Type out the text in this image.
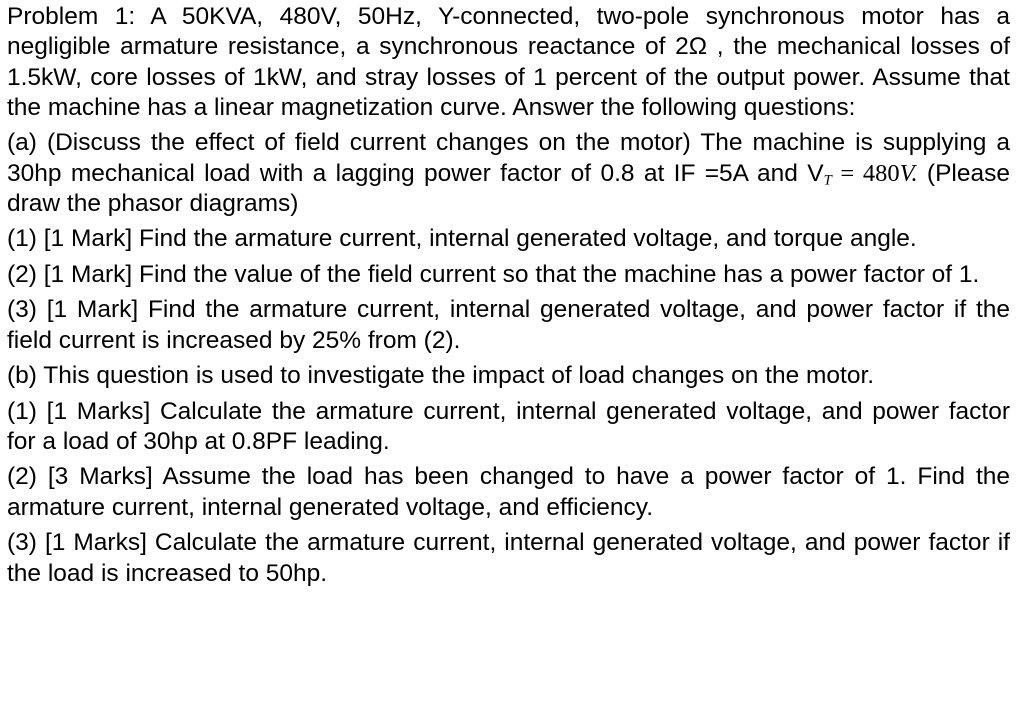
Problem 1: A 50KVA, 480V, 50Hz, Y-connected, two-pole synchronous motor has a negligible armature resistance, a synchronous reactance of 2Ω , the mechanical losses of 1.5kW, core losses of 1kW, and stray losses of 1 percent of the output power. Assume that the machine has a linear magnetization curve. Answer the following questions:

(a) (Discuss the effect of field current changes on the motor) The machine is supplying a 30hp mechanical load with a lagging power factor of 0.8 at IF =5A and $V_T = 480V$. (Please draw the phasor diagrams)

(1) [1 Mark] Find the armature current, internal generated voltage, and torque angle.

(2) [1 Mark] Find the value of the field current so that the machine has a power factor of 1.

(3) [1 Mark] Find the armature current, internal generated voltage, and power factor if the field current is increased by 25% from (2).

(b) This question is used to investigate the impact of load changes on the motor.

(1) [1 Marks] Calculate the armature current, internal generated voltage, and power factor for a load of 30hp at 0.8PF leading.

(2) [3 Marks] Assume the load has been changed to have a power factor of 1. Find the armature current, internal generated voltage, and efficiency.

(3) [1 Marks] Calculate the armature current, internal generated voltage, and power factor if the load is increased to 50hp.
